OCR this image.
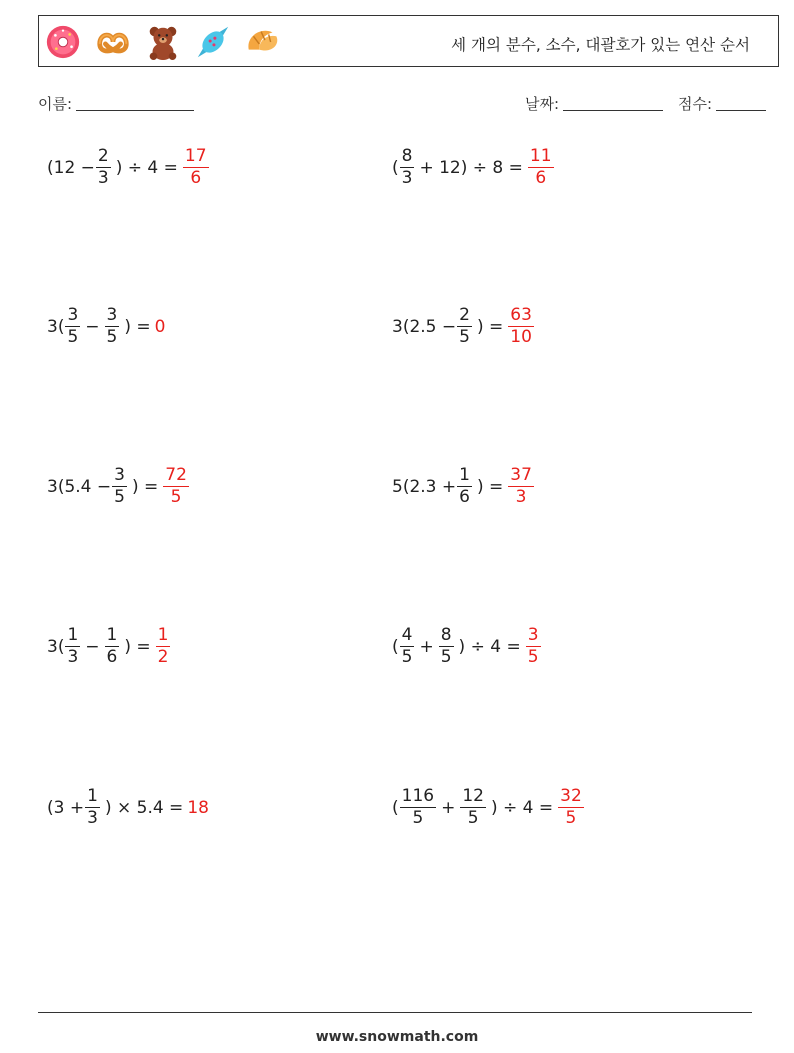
세 개의 분수, 소수, 대괄호가 있는 연산 순서
이름:	날짜:	점수:
($12 - \frac{2}{3}$ ) ÷ $4 = \frac{17}{6}$	( $\frac{8}{3} + 12) \div 8 = \frac{11}{6}$
$3( \frac{3}{5} - \frac{3}{5}$ ) = 0	$3(2.5 - \frac{2}{5}$ ) = $\frac{63}{10}$
$3(5.4 - \frac{3}{5}$ ) = $\frac{72}{5}$	$5(2.3 + \frac{1}{6}$ ) = $\frac{37}{3}$
$3( \frac{1}{3} - \frac{1}{6}$ ) = $\frac{1}{2}$	( $\frac{4}{5} + \frac{8}{5}$ ) ÷ $4 = \frac{3}{5}$
($3 + \frac{1}{3}$ ) × 5.4 = 18	( $\frac{116}{5} + \frac{12}{5}$ ) ÷ $4 = \frac{32}{5}$
www.snowmath.com
